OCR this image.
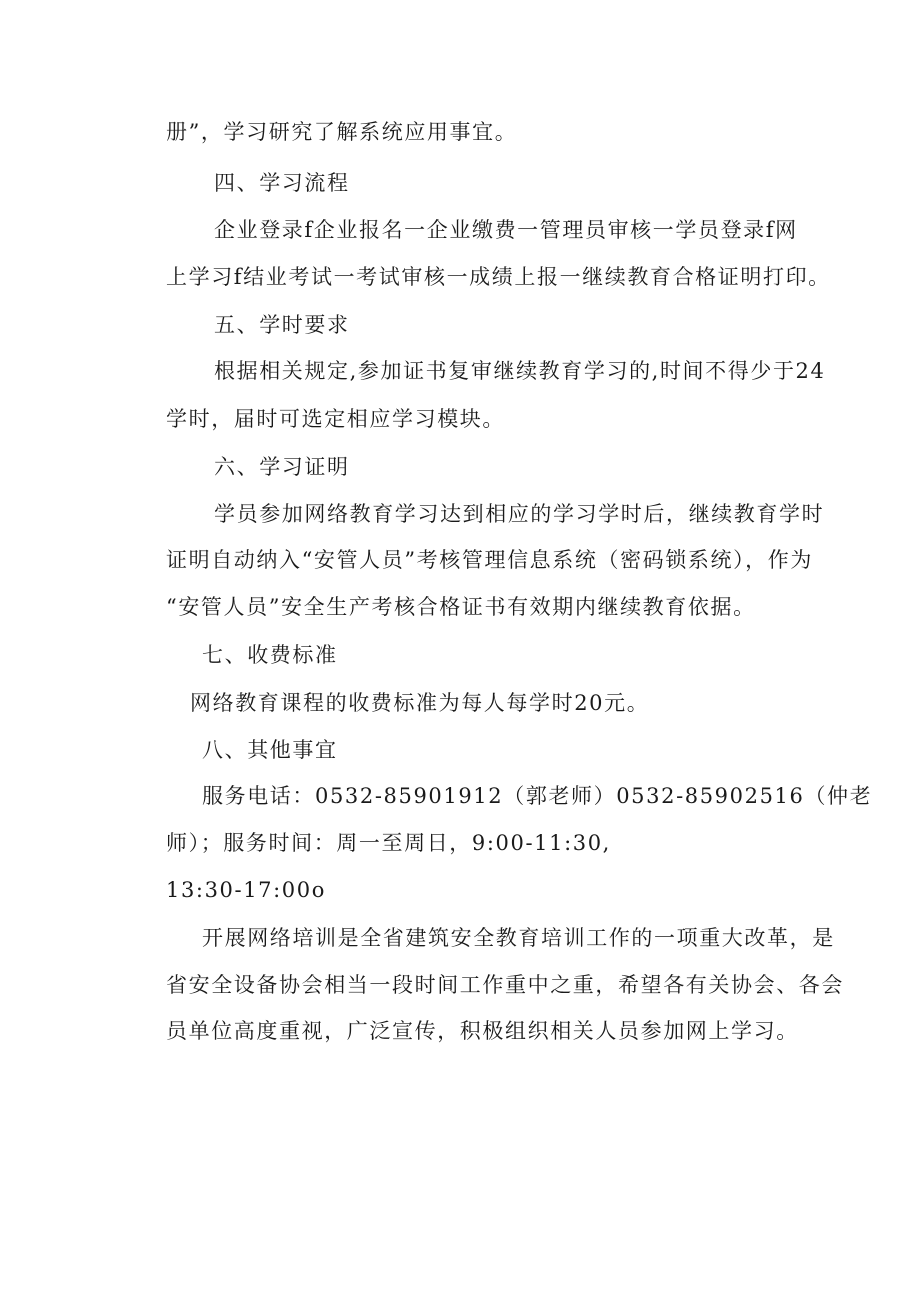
册”，学习研究了解系统应用事宜。
四、学习流程
企业登录f企业报名一企业缴费一管理员审核一学员登录f网
上学习f结业考试一考试审核一成绩上报一继续教育合格证明打印。
五、学时要求
根据相关规定,参加证书复审继续教育学习的,时间不得少于24
学时，届时可选定相应学习模块。
六、学习证明
学员参加网络教育学习达到相应的学习学时后，继续教育学时
证明自动纳入“安管人员”考核管理信息系统（密码锁系统），作为
“安管人员”安全生产考核合格证书有效期内继续教育依据。
七、收费标准
网络教育课程的收费标准为每人每学时20元。
八、其他事宜
服务电话：0532-85901912（郭老师）0532-85902516（仲老
师）；服务时间：周一至周日，9:00-11:30,
13:30-17:00o
开展网络培训是全省建筑安全教育培训工作的一项重大改革，是
省安全设备协会相当一段时间工作重中之重，希望各有关协会、各会
员单位高度重视，广泛宣传，积极组织相关人员参加网上学习。
